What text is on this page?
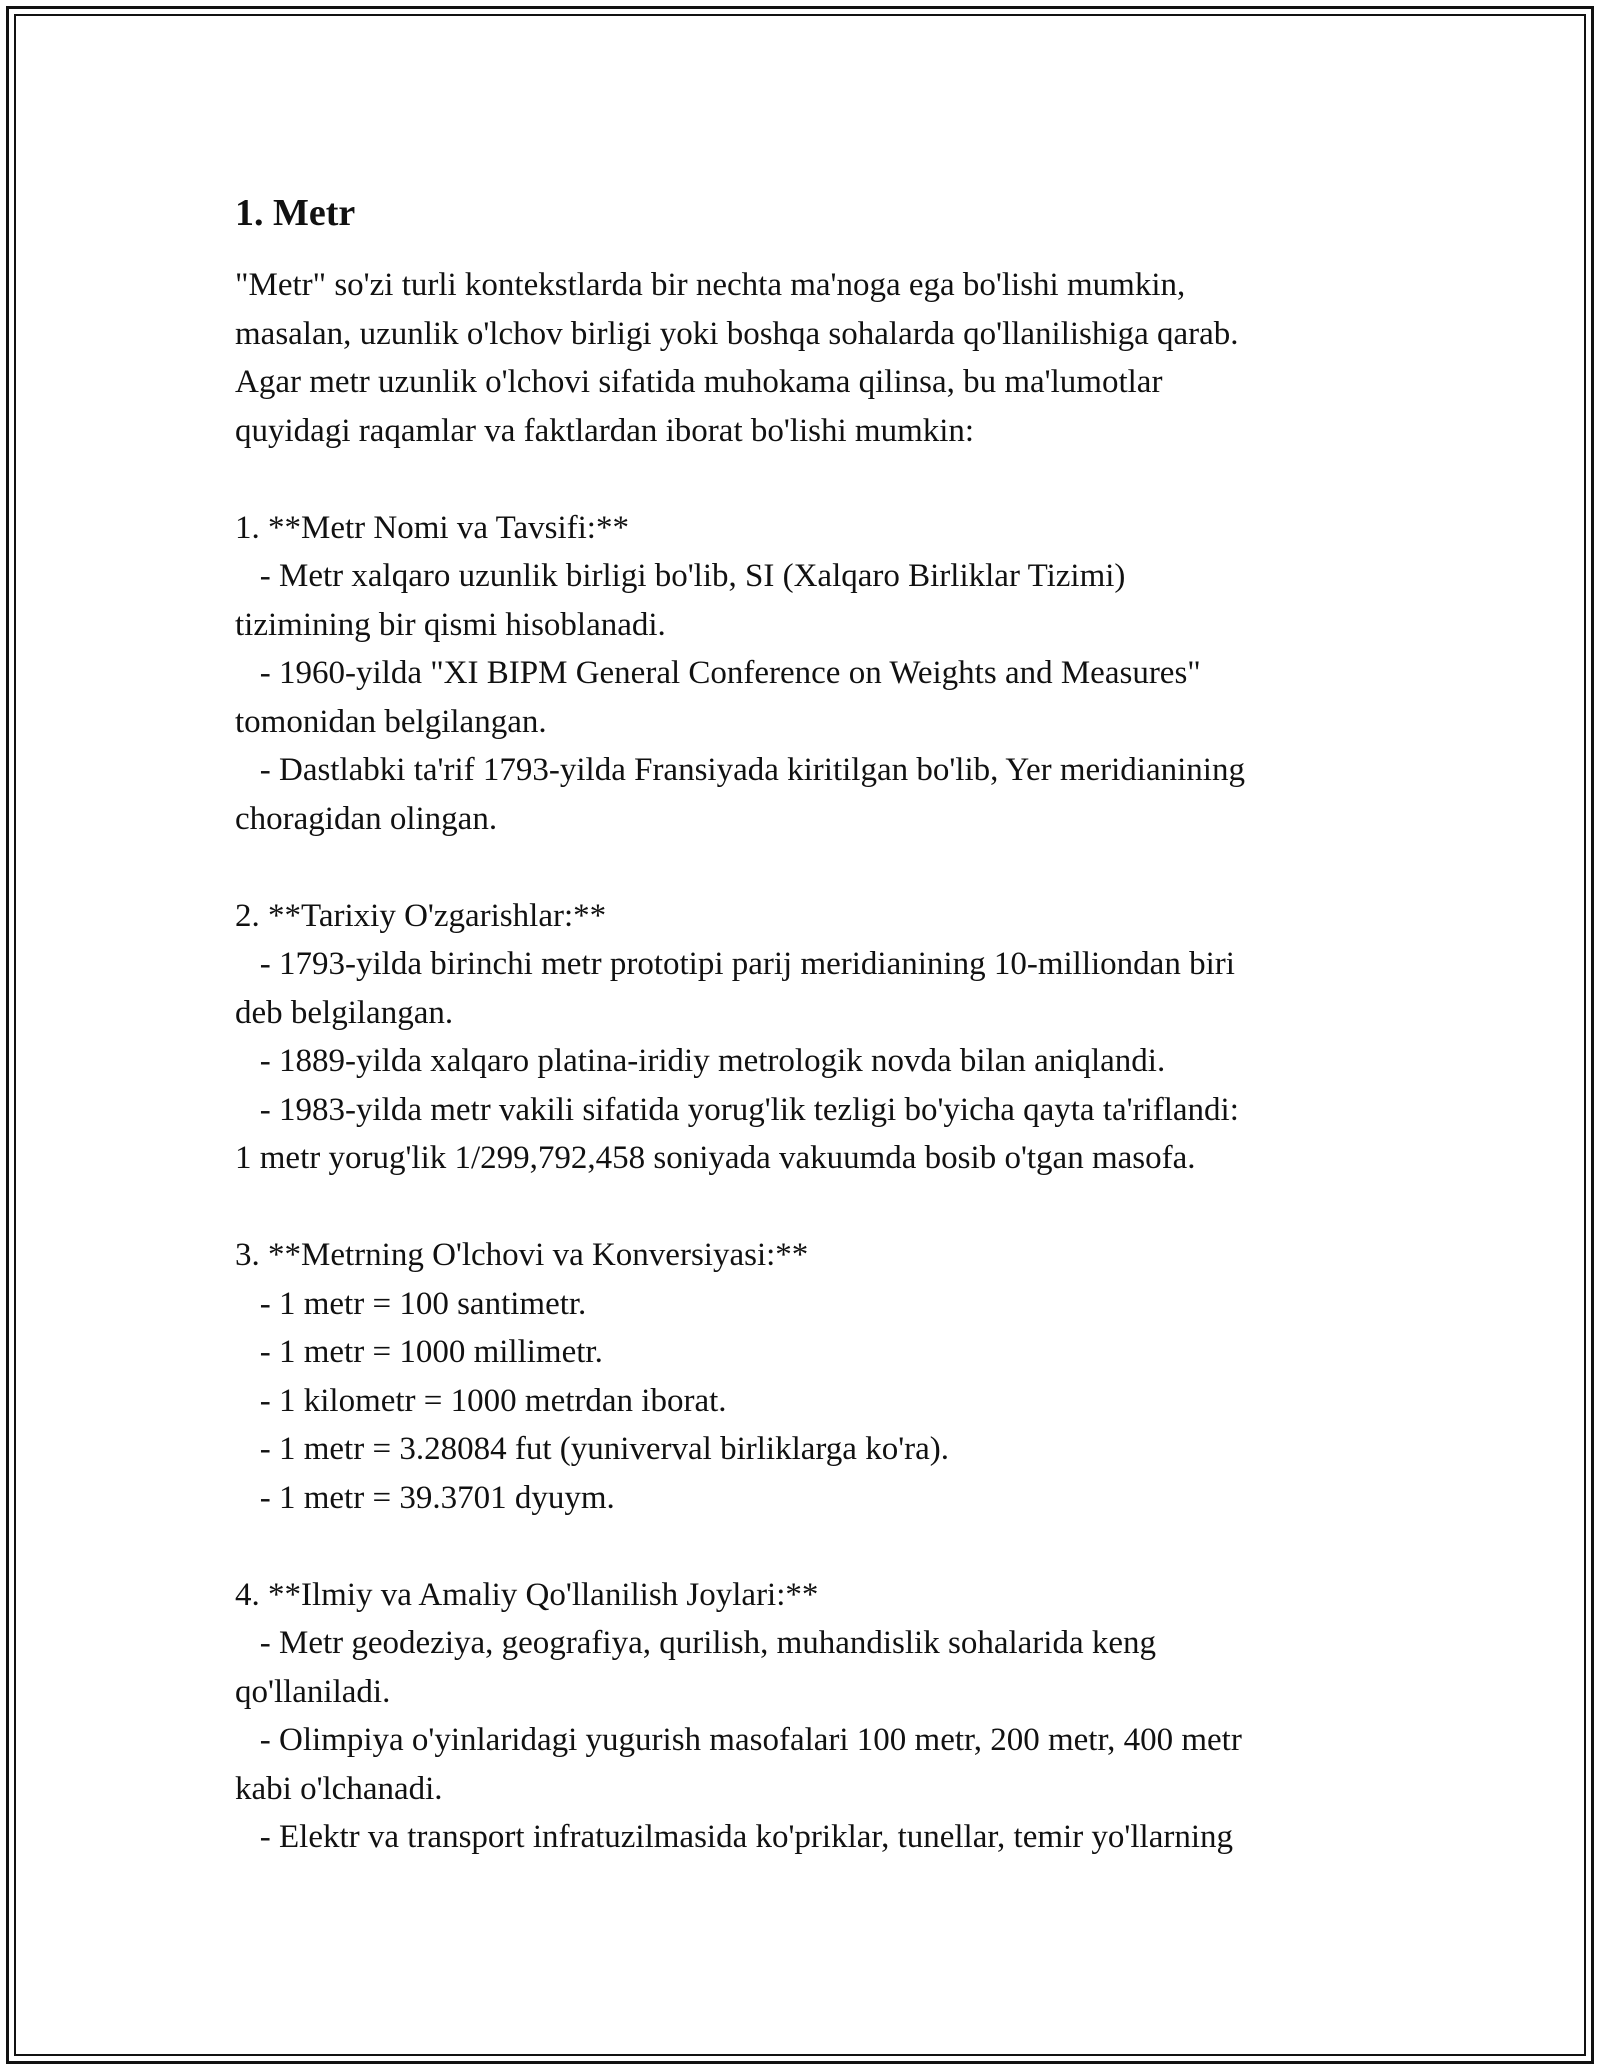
1. Metr

"Metr" so'zi turli kontekstlarda bir nechta ma'noga ega bo'lishi mumkin,

masalan, uzunlik o'lchov birligi yoki boshqa sohalarda qo'llanilishiga qarab.

Agar metr uzunlik o'lchovi sifatida muhokama qilinsa, bu ma'lumotlar

quyidagi raqamlar va faktlardan iborat bo'lishi mumkin:

1. **Metr Nomi va Tavsifi:**

- Metr xalqaro uzunlik birligi bo'lib, SI (Xalqaro Birliklar Tizimi)

tizimining bir qismi hisoblanadi.

- 1960-yilda "XI BIPM General Conference on Weights and Measures"

tomonidan belgilangan.

- Dastlabki ta'rif 1793-yilda Fransiyada kiritilgan bo'lib, Yer meridianining

choragidan olingan.

2. **Tarixiy O'zgarishlar:**

- 1793-yilda birinchi metr prototipi parij meridianining 10-milliondan biri

deb belgilangan.

- 1889-yilda xalqaro platina-iridiy metrologik novda bilan aniqlandi.

- 1983-yilda metr vakili sifatida yorug'lik tezligi bo'yicha qayta ta'riflandi:

1 metr yorug'lik 1/299,792,458 soniyada vakuumda bosib o'tgan masofa.

3. **Metrning O'lchovi va Konversiyasi:**

- 1 metr = 100 santimetr.

- 1 metr = 1000 millimetr.

- 1 kilometr = 1000 metrdan iborat.

- 1 metr = 3.28084 fut (yuniverval birliklarga ko'ra).

- 1 metr = 39.3701 dyuym.

4. **Ilmiy va Amaliy Qo'llanilish Joylari:**

- Metr geodeziya, geografiya, qurilish, muhandislik sohalarida keng

qo'llaniladi.

- Olimpiya o'yinlaridagi yugurish masofalari 100 metr, 200 metr, 400 metr

kabi o'lchanadi.

- Elektr va transport infratuzilmasida ko'priklar, tunellar, temir yo'llarning
